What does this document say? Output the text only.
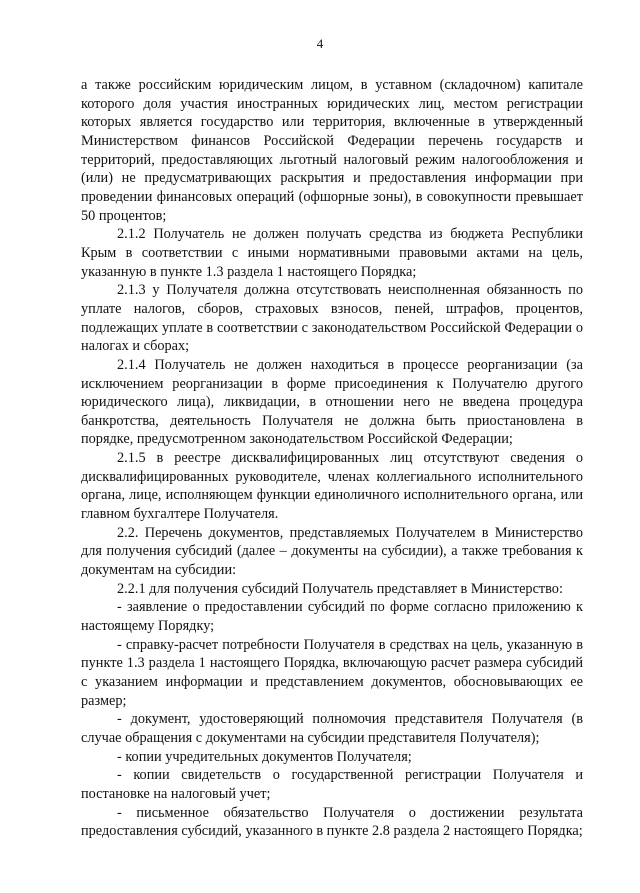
4

а также российским юридическим лицом, в уставном (складочном) капитале которого доля участия иностранных юридических лиц, местом регистрации которых является государство или территория, включенные в утвержденный Министерством финансов Российской Федерации перечень государств и территорий, предоставляющих льготный налоговый режим налогообложения и (или) не предусматривающих раскрытия и предоставления информации при проведении финансовых операций (офшорные зоны), в совокупности превышает 50 процентов;

2.1.2 Получатель не должен получать средства из бюджета Республики Крым в соответствии с иными нормативными правовыми актами на цель, указанную в пункте 1.3 раздела 1 настоящего Порядка;

2.1.3 у Получателя должна отсутствовать неисполненная обязанность по уплате налогов, сборов, страховых взносов, пеней, штрафов, процентов, подлежащих уплате в соответствии с законодательством Российской Федерации о налогах и сборах;

2.1.4 Получатель не должен находиться в процессе реорганизации (за исключением реорганизации в форме присоединения к Получателю другого юридического лица), ликвидации, в отношении него не введена процедура банкротства, деятельность Получателя не должна быть приостановлена в порядке, предусмотренном законодательством Российской Федерации;

2.1.5 в реестре дисквалифицированных лиц отсутствуют сведения о дисквалифицированных руководителе, членах коллегиального исполнительного органа, лице, исполняющем функции единоличного исполнительного органа, или главном бухгалтере Получателя.

2.2. Перечень документов, представляемых Получателем в Министерство для получения субсидий (далее – документы на субсидии), а также требования к документам на субсидии:

2.2.1 для получения субсидий Получатель представляет в Министерство:

- заявление о предоставлении субсидий по форме согласно приложению к настоящему Порядку;

- справку-расчет потребности Получателя в средствах на цель, указанную в пункте 1.3 раздела 1 настоящего Порядка, включающую расчет размера субсидий с указанием информации и представлением документов, обосновывающих ее размер;

- документ, удостоверяющий полномочия представителя Получателя (в случае обращения с документами на субсидии представителя Получателя);

- копии учредительных документов Получателя;

- копии свидетельств о государственной регистрации Получателя и постановке на налоговый учет;

- письменное обязательство Получателя о достижении результата предоставления субсидий, указанного в пункте 2.8 раздела 2 настоящего Порядка;
